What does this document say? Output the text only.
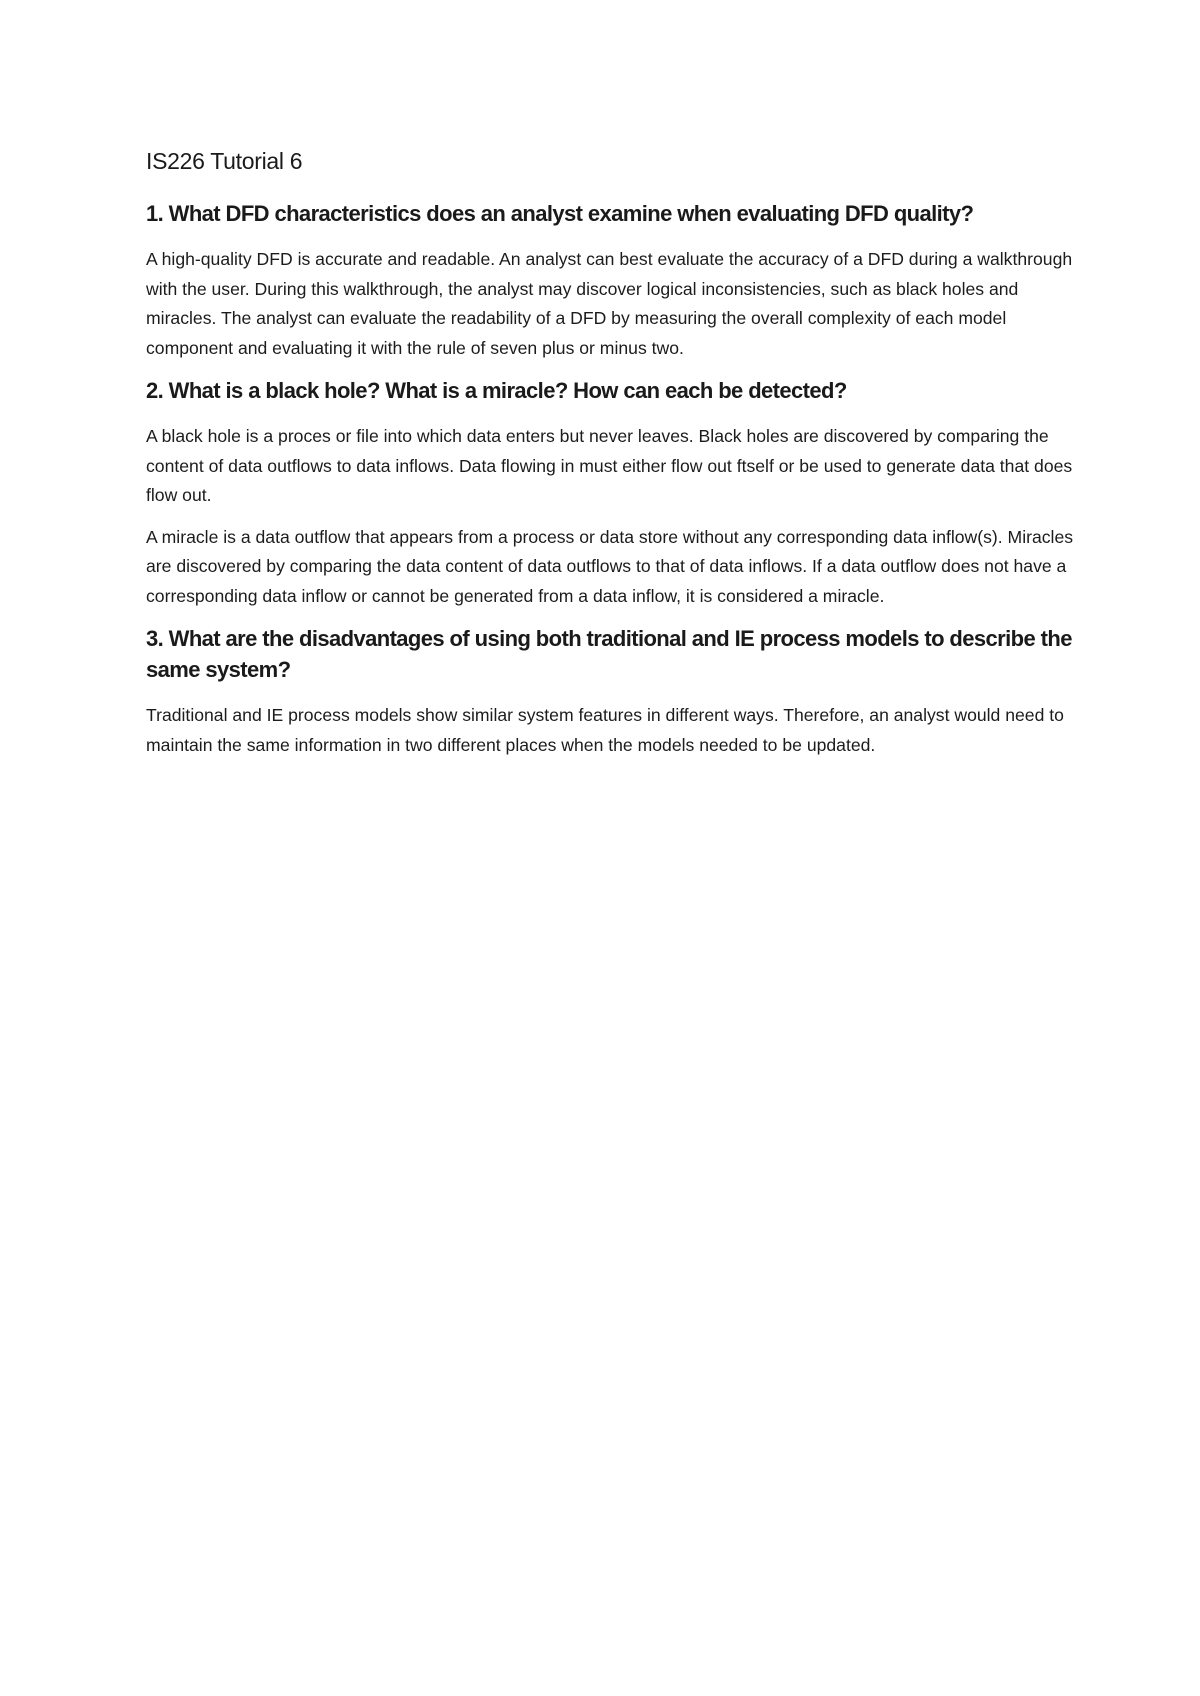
IS226 Tutorial 6
1. What DFD characteristics does an analyst examine when evaluating DFD quality?

A high-quality DFD is accurate and readable. An analyst can best evaluate the accuracy of a DFD during a walkthrough with the user. During this walkthrough, the analyst may discover logical inconsistencies, such as black holes and miracles. The analyst can evaluate the readability of a DFD by measuring the overall complexity of each model component and evaluating it with the rule of seven plus or minus two.

2. What is a black hole? What is a miracle? How can each be detected?

A black hole is a proces or file into which data enters but never leaves. Black holes are discovered by comparing the content of data outflows to data inflows. Data flowing in must either flow out ftself or be used to generate data that does flow out.

A miracle is a data outflow that appears from a process or data store without any corresponding data inflow(s). Miracles are discovered by comparing the data content of data outflows to that of data inflows. If a data outflow does not have a corresponding data inflow or cannot be generated from a data inflow, it is considered a miracle.

3. What are the disadvantages of using both traditional and IE process models to describe the same system?

Traditional and IE process models show similar system features in different ways. Therefore, an analyst would need to maintain the same information in two different places when the models needed to be updated.
